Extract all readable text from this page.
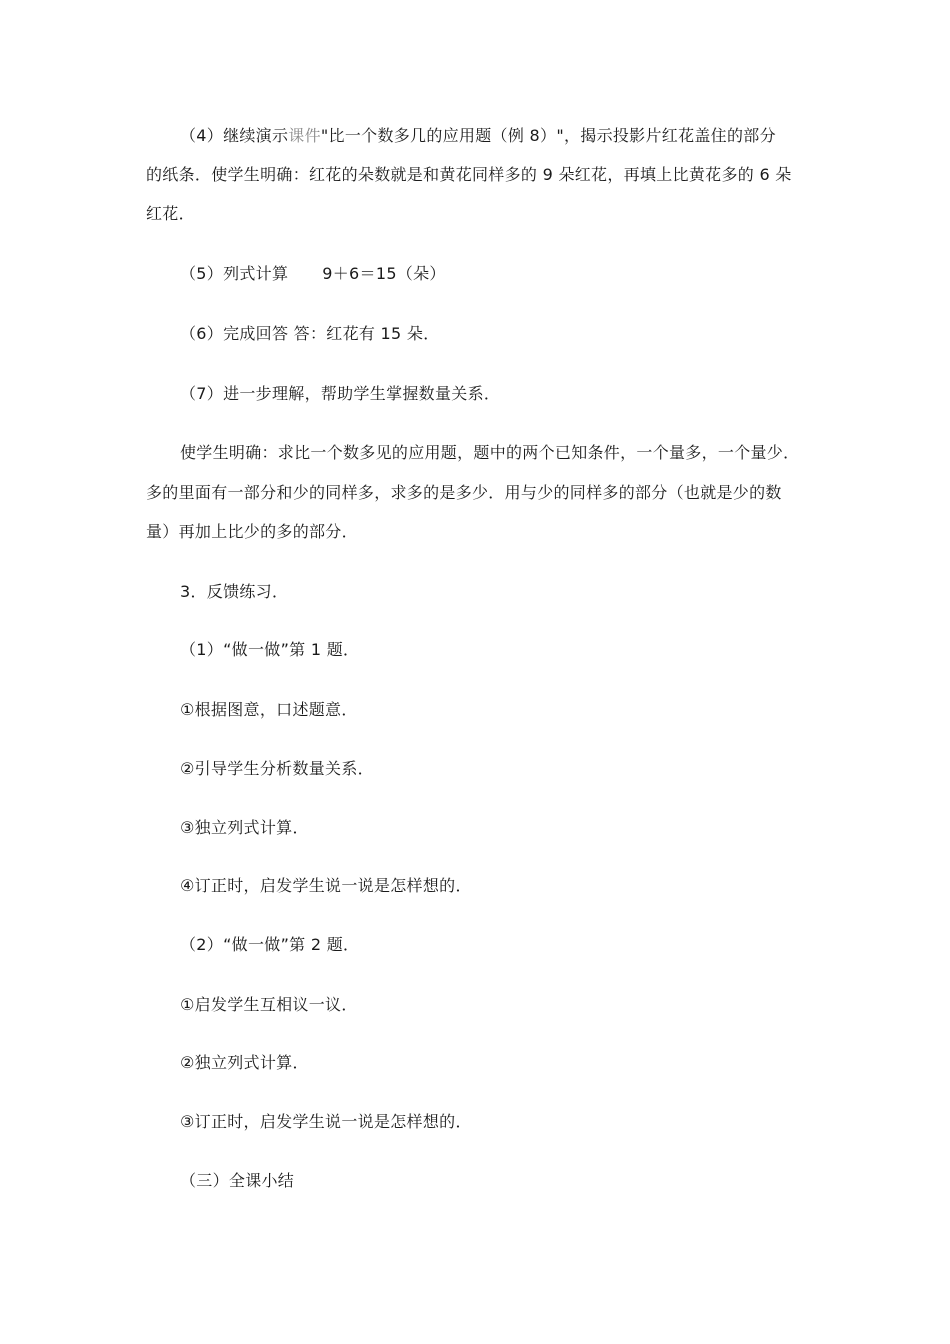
（4）继续演示课件"比一个数多几的应用题（例 8）"，揭示投影片红花盖住的部分
的纸条．使学生明确：红花的朵数就是和黄花同样多的 9 朵红花，再填上比黄花多的 6 朵
红花．
（5）列式计算 9＋6＝15（朵）
（6）完成回答 答：红花有 15 朵．
（7）进一步理解，帮助学生掌握数量关系．
使学生明确：求比一个数多见的应用题，题中的两个已知条件，一个量多，一个量少．
多的里面有一部分和少的同样多，求多的是多少．用与少的同样多的部分（也就是少的数
量）再加上比少的多的部分．
3．反馈练习．
（1）“做一做”第 1 题．
①根据图意，口述题意．
②引导学生分析数量关系．
③独立列式计算．
④订正时，启发学生说一说是怎样想的．
（2）“做一做”第 2 题．
①启发学生互相议一议．
②独立列式计算．
③订正时，启发学生说一说是怎样想的．
（三）全课小结
